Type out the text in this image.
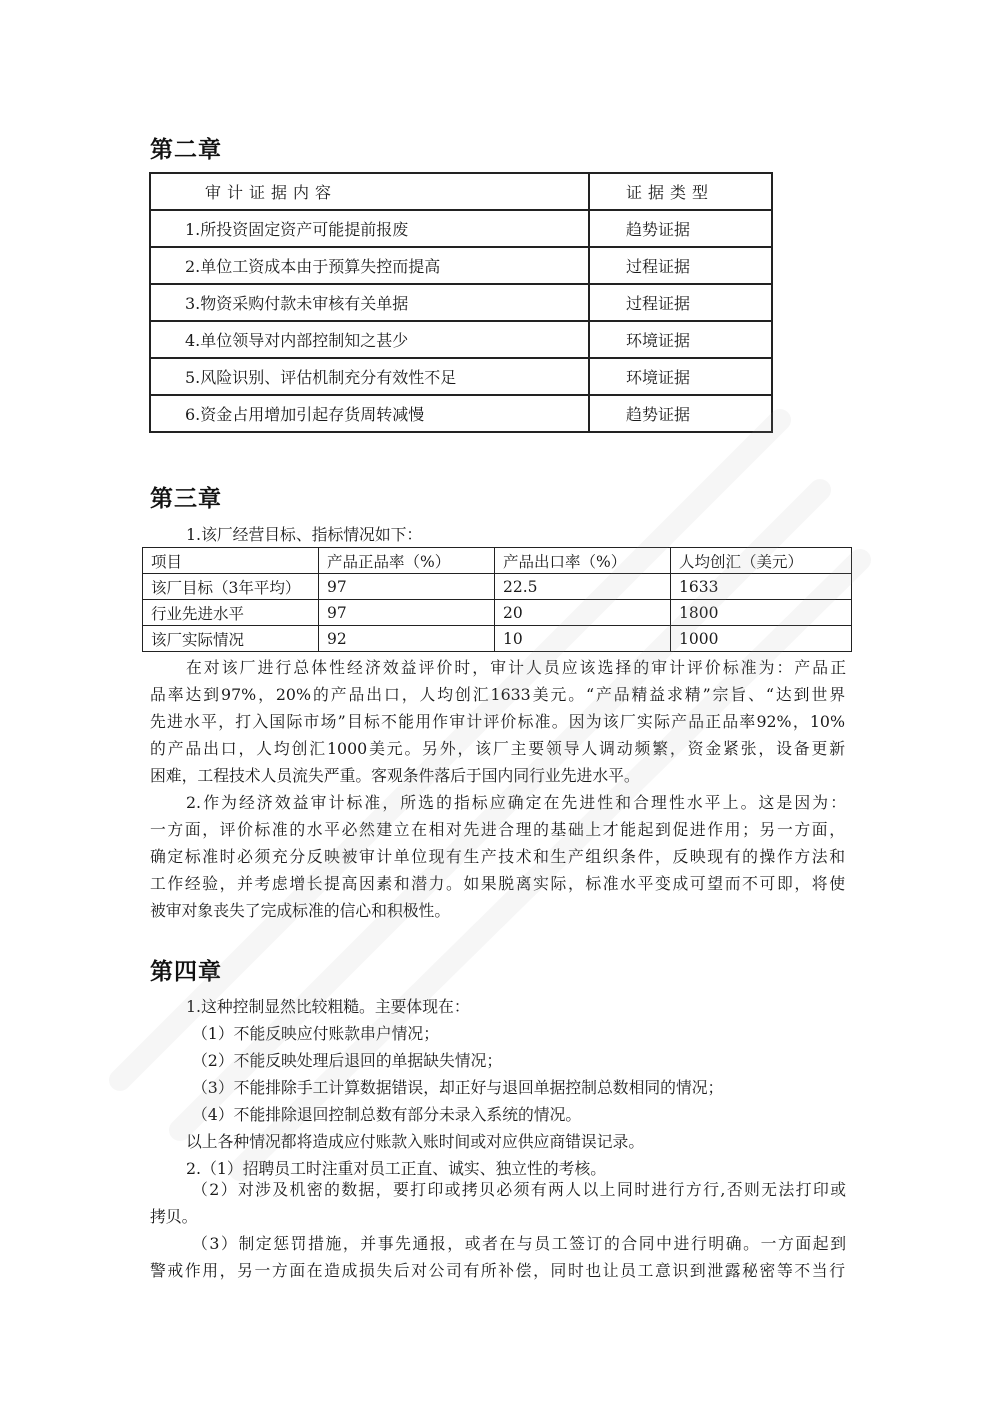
第二章
审计证据内容	证据类型
1.所投资固定资产可能提前报废	趋势证据
2.单位工资成本由于预算失控而提高	过程证据
3.物资采购付款未审核有关单据	过程证据
4.单位领导对内部控制知之甚少	环境证据
5.风险识别、评估机制充分有效性不足	环境证据
6.资金占用增加引起存货周转减慢	趋势证据
第三章
1.该厂经营目标、指标情况如下：
项目	产品正品率（%）	产品出口率（%）	人均创汇（美元）
该厂目标（3年平均）	97	22.5	1633
行业先进水平	97	20	1800
该厂实际情况	92	10	1000
在对该厂进行总体性经济效益评价时，审计人员应该选择的审计评价标准为：产品正
品率达到97%，20%的产品出口，人均创汇1633美元。“产品精益求精”宗旨、“达到世界
先进水平，打入国际市场”目标不能用作审计评价标准。因为该厂实际产品正品率92%，10%
的产品出口，人均创汇1000美元。另外，该厂主要领导人调动频繁，资金紧张，设备更新
困难，工程技术人员流失严重。客观条件落后于国内同行业先进水平。
2.作为经济效益审计标准，所选的指标应确定在先进性和合理性水平上。这是因为：
一方面，评价标准的水平必然建立在相对先进合理的基础上才能起到促进作用；另一方面，
确定标准时必须充分反映被审计单位现有生产技术和生产组织条件，反映现有的操作方法和
工作经验，并考虑增长提高因素和潜力。如果脱离实际，标准水平变成可望而不可即，将使
被审对象丧失了完成标准的信心和积极性。
第四章
1.这种控制显然比较粗糙。主要体现在：
（1）不能反映应付账款串户情况；
（2）不能反映处理后退回的单据缺失情况；
（3）不能排除手工计算数据错误，却正好与退回单据控制总数相同的情况；
（4）不能排除退回控制总数有部分未录入系统的情况。
以上各种情况都将造成应付账款入账时间或对应供应商错误记录。
2.（1）招聘员工时注重对员工正直、诚实、独立性的考核。
（2）对涉及机密的数据，要打印或拷贝必须有两人以上同时进行方行,否则无法打印或
拷贝。
（3）制定惩罚措施，并事先通报，或者在与员工签订的合同中进行明确。一方面起到
警戒作用，另一方面在造成损失后对公司有所补偿，同时也让员工意识到泄露秘密等不当行
